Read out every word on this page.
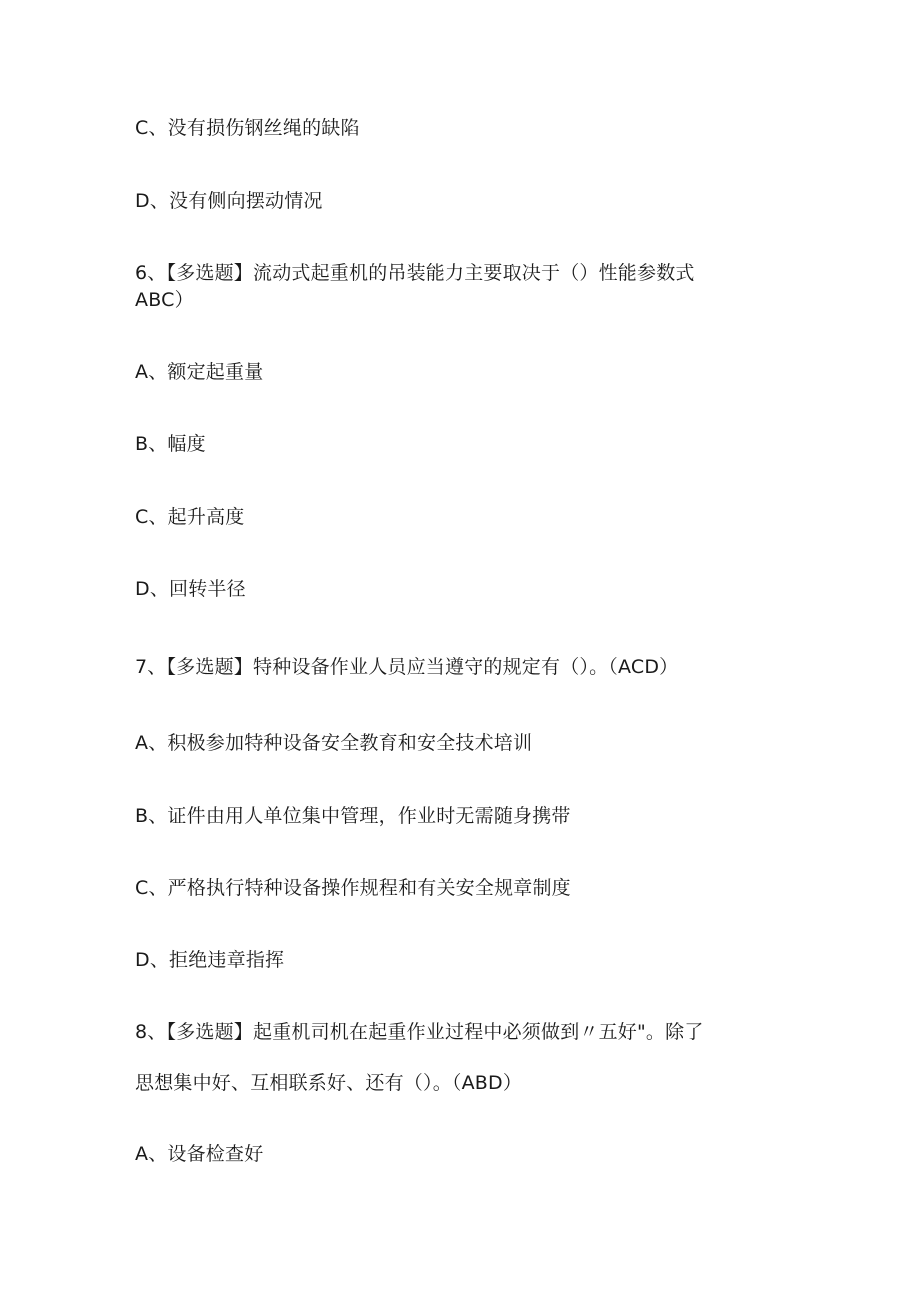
C、没有损伤钢丝绳的缺陷
D、没有侧向摆动情况
6、【多选题】流动式起重机的吊装能力主要取决于（）性能参数式
ABC）
A、额定起重量
B、幅度
C、起升高度
D、回转半径
7、【多选题】特种设备作业人员应当遵守的规定有（）。（ACD）
A、积极参加特种设备安全教育和安全技术培训
B、证件由用人单位集中管理，作业时无需随身携带
C、严格执行特种设备操作规程和有关安全规章制度
D、拒绝违章指挥
8、【多选题】起重机司机在起重作业过程中必须做到〃五好"。除了
思想集中好、互相联系好、还有（）。（ABD）
A、设备检查好
